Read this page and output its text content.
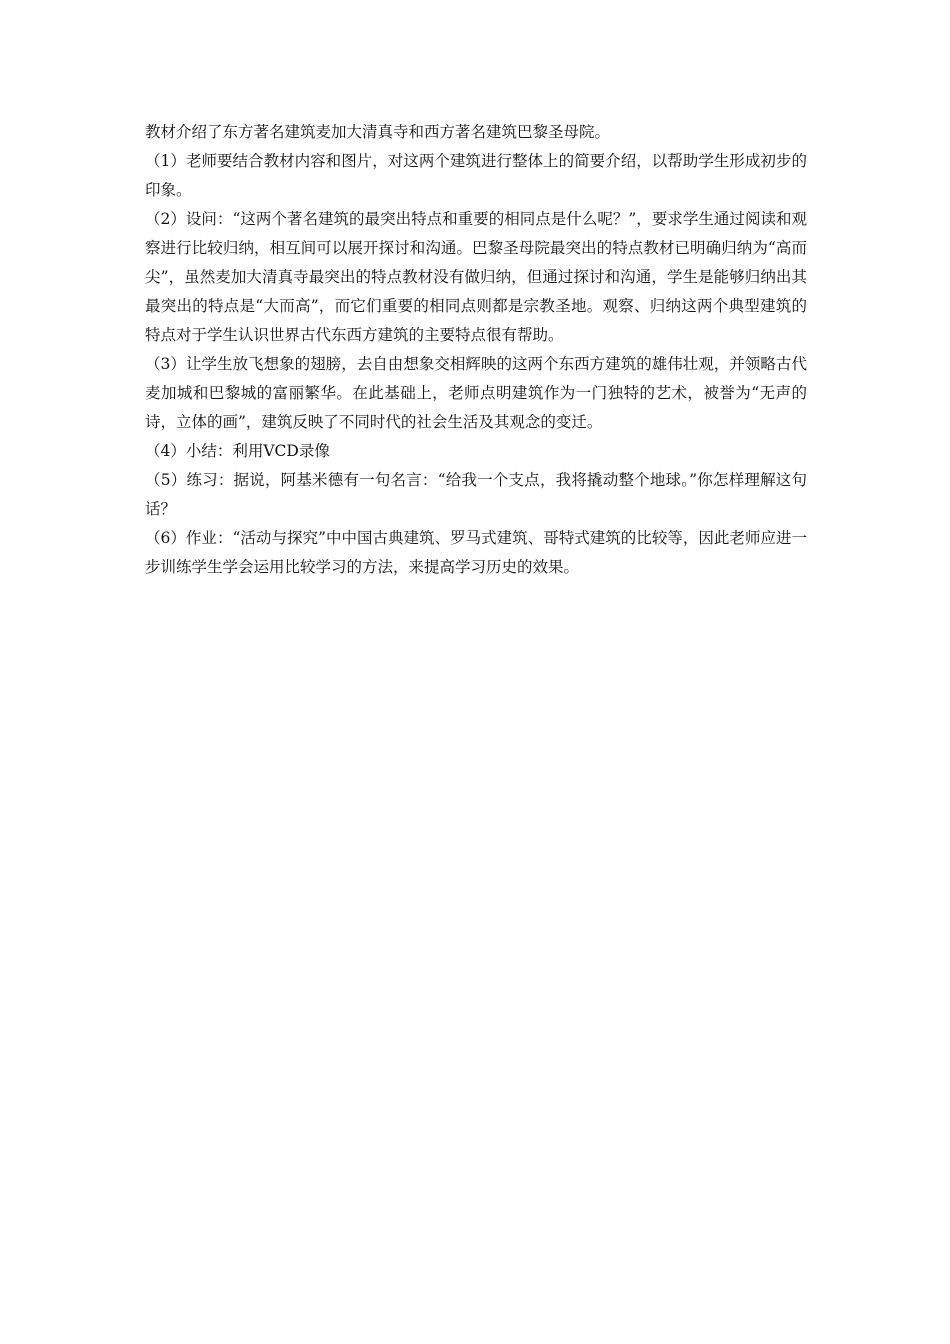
教材介绍了东方著名建筑麦加大清真寺和西方著名建筑巴黎圣母院。

（1）老师要结合教材内容和图片，对这两个建筑进行整体上的简要介绍，以帮助学生形成初步的印象。

（2）设问：“这两个著名建筑的最突出特点和重要的相同点是什么呢？”，要求学生通过阅读和观察进行比较归纳，相互间可以展开探讨和沟通。巴黎圣母院最突出的特点教材已明确归纳为“高而尖”，虽然麦加大清真寺最突出的特点教材没有做归纳，但通过探讨和沟通，学生是能够归纳出其最突出的特点是“大而高”，而它们重要的相同点则都是宗教圣地。观察、归纳这两个典型建筑的特点对于学生认识世界古代东西方建筑的主要特点很有帮助。

（3）让学生放飞想象的翅膀，去自由想象交相辉映的这两个东西方建筑的雄伟壮观，并领略古代麦加城和巴黎城的富丽繁华。在此基础上，老师点明建筑作为一门独特的艺术，被誉为“无声的诗，立体的画”，建筑反映了不同时代的社会生活及其观念的变迁。

（4）小结：利用VCD录像

（5）练习：据说，阿基米德有一句名言：“给我一个支点，我将撬动整个地球。”你怎样理解这句话？

（6）作业：“活动与探究”中中国古典建筑、罗马式建筑、哥特式建筑的比较等，因此老师应进一步训练学生学会运用比较学习的方法，来提高学习历史的效果。
